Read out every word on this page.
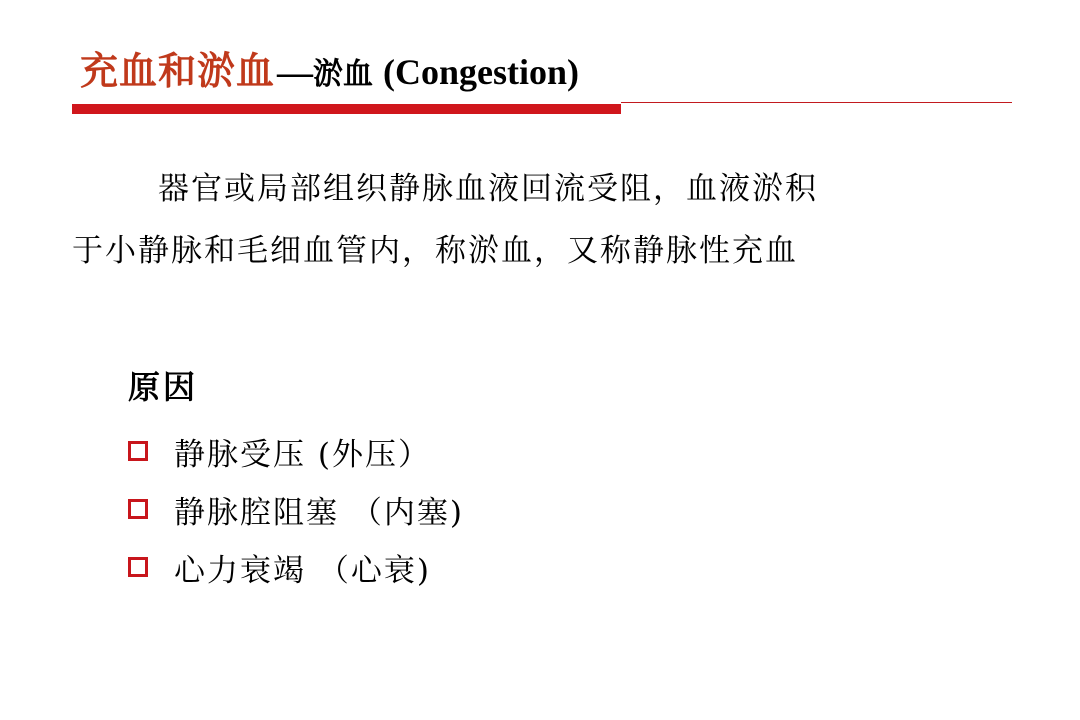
充血和淤血 — 淤血 (Congestion)
器官或局部组织静脉血液回流受阻，血液淤积
于小静脉和毛细血管内，称淤血，又称静脉性充血
原因
静脉受压 (外压）
静脉腔阻塞 （内塞)
心力衰竭 （心衰)
